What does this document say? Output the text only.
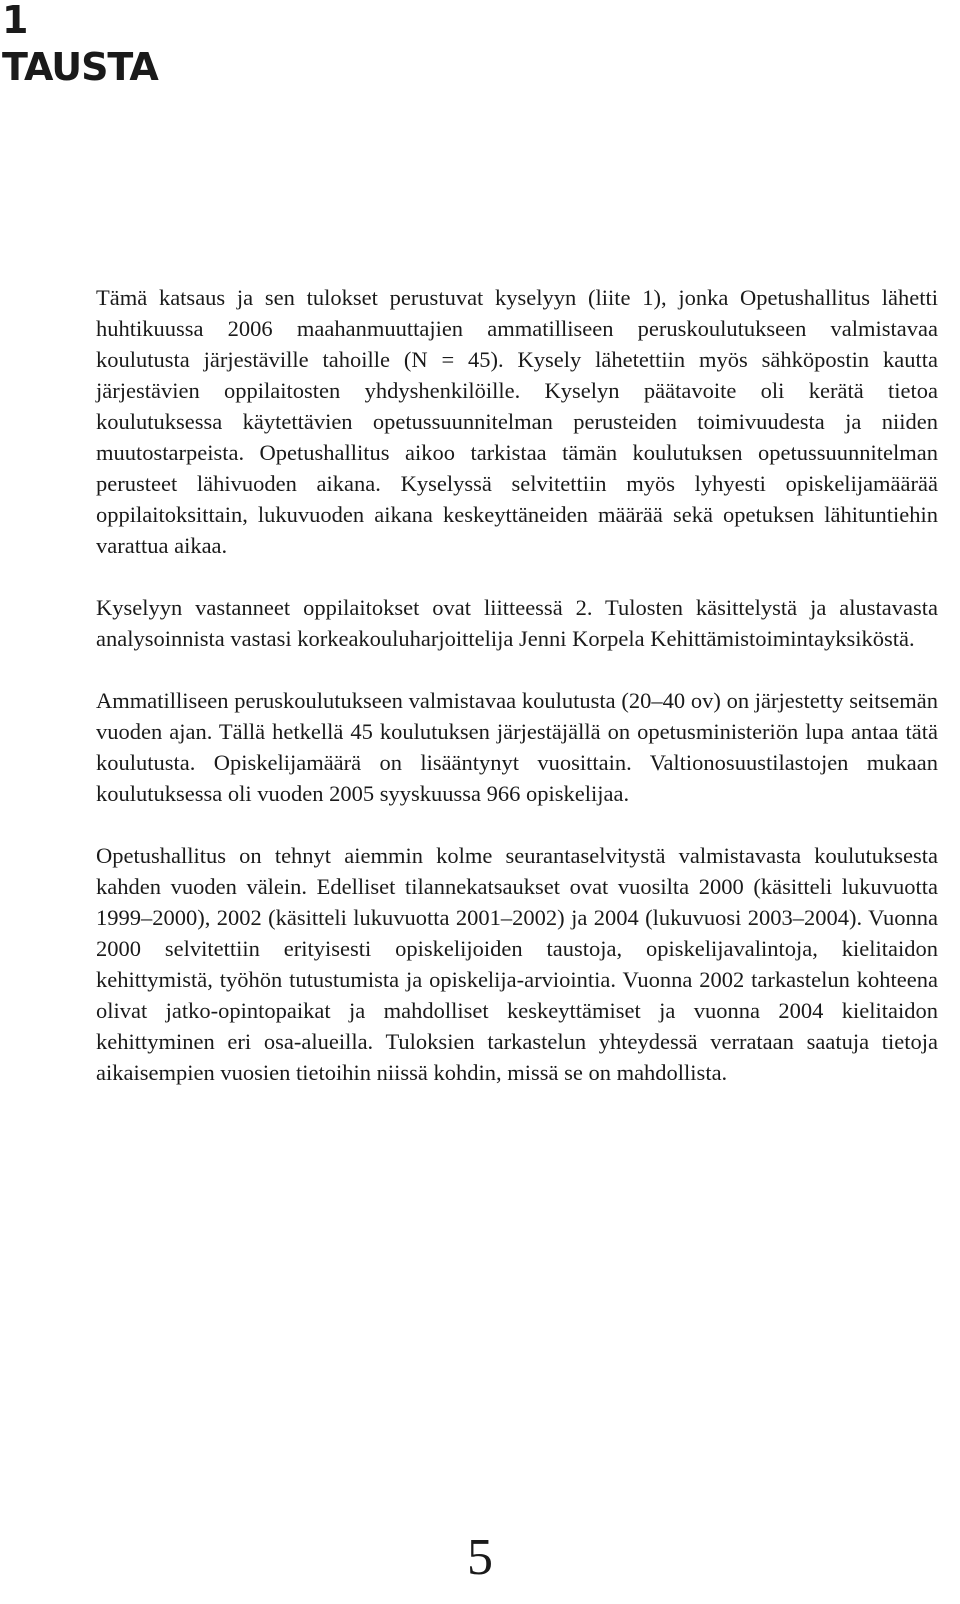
1
TAUSTA

Tämä katsaus ja sen tulokset perustuvat kyselyyn (liite 1), jonka Opetushallitus lähetti huhtikuussa 2006 maahanmuuttajien ammatilliseen peruskoulutukseen valmistavaa koulutusta järjestäville tahoille (N = 45). Kysely lähetettiin myös sähköpostin kautta järjestävien oppilaitosten yhdyshenkilöille. Kyselyn päätavoite oli kerätä tietoa koulutuksessa käytettävien opetussuunnitelman perusteiden toimivuudesta ja niiden muutostarpeista. Opetushallitus aikoo tarkistaa tämän koulutuksen opetussuunnitelman perusteet lähivuoden aikana. Kyselyssä selvitettiin myös lyhyesti opiskelijamäärää oppilaitoksittain, lukuvuoden aikana keskeyttäneiden määrää sekä opetuksen lähituntiehin varattua aikaa.

Kyselyyn vastanneet oppilaitokset ovat liitteessä 2. Tulosten käsittelystä ja alustavasta analysoinnista vastasi korkeakouluharjoittelija Jenni Korpela Kehittämistoimintayksiköstä.

Ammatilliseen peruskoulutukseen valmistavaa koulutusta (20–40 ov) on järjestetty seitsemän vuoden ajan. Tällä hetkellä 45 koulutuksen järjestäjällä on opetusministeriön lupa antaa tätä koulutusta. Opiskelijamäärä on lisääntynyt vuosittain. Valtionosuustilastojen mukaan koulutuksessa oli vuoden 2005 syyskuussa 966 opiskelijaa.

Opetushallitus on tehnyt aiemmin kolme seurantaselvitystä valmistavasta koulutuksesta kahden vuoden välein. Edelliset tilannekatsaukset ovat vuosilta 2000 (käsitteli lukuvuotta 1999–2000), 2002 (käsitteli lukuvuotta 2001–2002) ja 2004 (lukuvuosi 2003–2004). Vuonna 2000 selvitettiin erityisesti opiskelijoiden taustoja, opiskelijavalintoja, kielitaidon kehittymistä, työhön tutustumista ja opiskelija-arviointia. Vuonna 2002 tarkastelun kohteena olivat jatko-opintopaikat ja mahdolliset keskeyttämiset ja vuonna 2004 kielitaidon kehittyminen eri osa-alueilla. Tuloksien tarkastelun yhteydessä verrataan saatuja tietoja aikaisempien vuosien tietoihin niissä kohdin, missä se on mahdollista.

5
